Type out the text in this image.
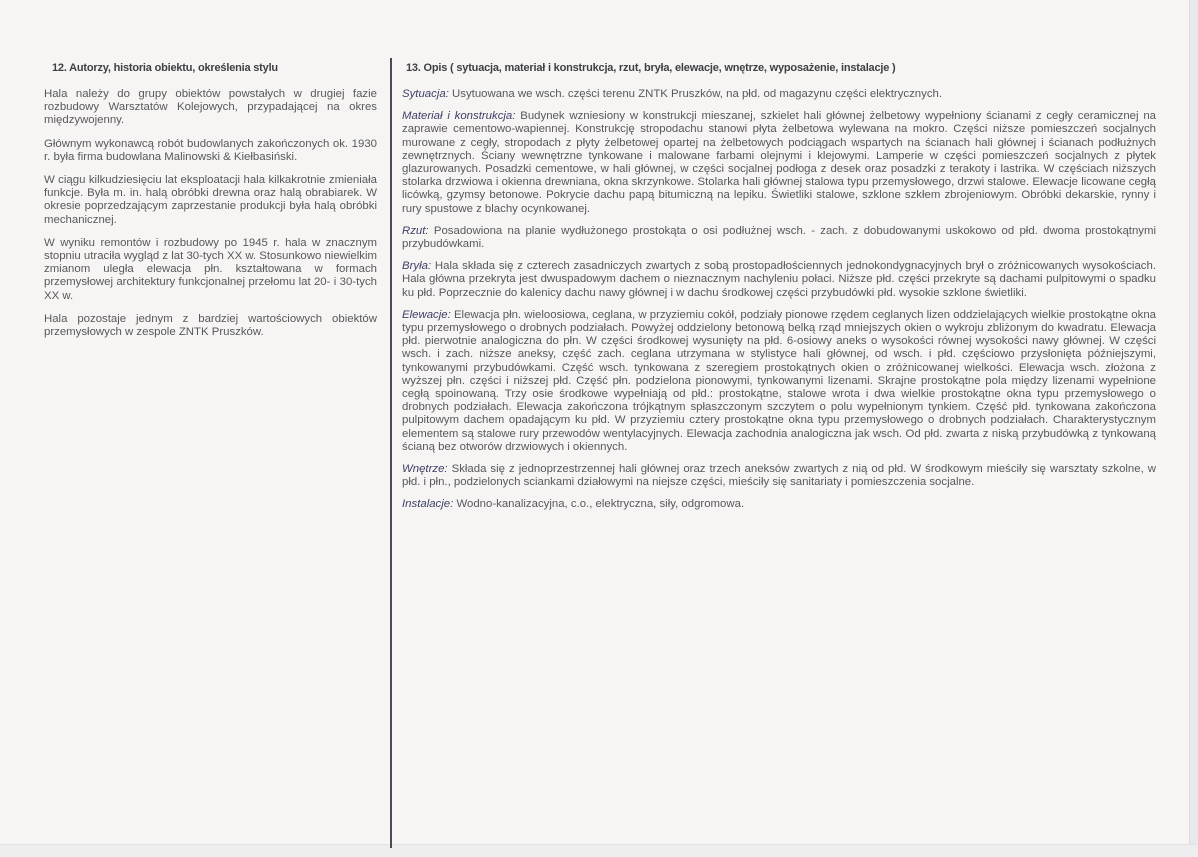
12. Autorzy, historia obiektu, określenia stylu

Hala należy do grupy obiektów powstałych w drugiej fazie rozbudowy Warsztatów Kolejowych, przypadającej na okres międzywojenny.

Głównym wykonawcą robót budowlanych zakończonych ok. 1930 r. była firma budowlana Malinowski & Kiełbasiński.

W ciągu kilkudziesięciu lat eksploatacji hala kilkakrotnie zmieniała funkcje. Była m. in. halą obróbki drewna oraz halą obrabiarek. W okresie poprzedzającym zaprzestanie produkcji była halą obróbki mechanicznej.

W wyniku remontów i rozbudowy po 1945 r. hala w znacznym stopniu utraciła wygląd z lat 30-tych XX w. Stosunkowo niewielkim zmianom uległa elewacja płn. kształtowana w formach przemysłowej architektury funkcjonalnej przełomu lat 20- i 30-tych XX w.

Hala pozostaje jednym z bardziej wartościowych obiektów przemysłowych w zespole ZNTK Pruszków.

13. Opis ( sytuacja, materiał i konstrukcja, rzut, bryła, elewacje, wnętrze, wyposażenie, instalacje )

Sytuacja: Usytuowana we wsch. części terenu ZNTK Pruszków, na płd. od magazynu części elektrycznych.

Materiał i konstrukcja: Budynek wzniesiony w konstrukcji mieszanej, szkielet hali głównej żelbetowy wypełniony ścianami z cegły ceramicznej na zaprawie cementowo-wapiennej. Konstrukcję stropodachu stanowi płyta żelbetowa wylewana na mokro. Części niższe pomieszczeń socjalnych murowane z cegły, stropodach z płyty żelbetowej opartej na żelbetowych podciągach wspartych na ścianach hali głównej i ścianach podłużnych zewnętrznych. Ściany wewnętrzne tynkowane i malowane farbami olejnymi i klejowymi. Lamperie w części pomieszczeń socjalnych z płytek glazurowanych. Posadzki cementowe, w hali głównej, w części socjalnej podłoga z desek oraz posadzki z terakoty i lastrika. W częściach niższych stolarka drzwiowa i okienna drewniana, okna skrzynkowe. Stolarka hali głównej stalowa typu przemysłowego, drzwi stalowe. Elewacje licowane cegłą licówką, gzymsy betonowe. Pokrycie dachu papą bitumiczną na lepiku. Świetliki stalowe, szklone szkłem zbrojeniowym. Obróbki dekarskie, rynny i rury spustowe z blachy ocynkowanej.

Rzut: Posadowiona na planie wydłużonego prostokąta o osi podłużnej wsch. - zach. z dobudowanymi uskokowo od płd. dwoma prostokątnymi przybudówkami.

Bryła: Hala składa się z czterech zasadniczych zwartych z sobą prostopadłościennych jednokondygnacyjnych brył o zróżnicowanych wysokościach. Hala główna przekryta jest dwuspadowym dachem o nieznacznym nachyleniu połaci. Niższe płd. części przekryte są dachami pulpitowymi o spadku ku płd. Poprzecznie do kalenicy dachu nawy głównej i w dachu środkowej części przybudówki płd. wysokie szklone świetliki.

Elewacje: Elewacja płn. wieloosiowa, ceglana, w przyziemiu cokół, podziały pionowe rzędem ceglanych lizen oddzielających wielkie prostokątne okna typu przemysłowego o drobnych podziałach. Powyżej oddzielony betonową belką rząd mniejszych okien o wykroju zbliżonym do kwadratu. Elewacja płd. pierwotnie analogiczna do płn. W części środkowej wysunięty na płd. 6-osiowy aneks o wysokości równej wysokości nawy głównej. W części wsch. i zach. niższe aneksy, część zach. ceglana utrzymana w stylistyce hali głównej, od wsch. i płd. częściowo przysłonięta późniejszymi, tynkowanymi przybudówkami. Część wsch. tynkowana z szeregiem prostokątnych okien o zróżnicowanej wielkości. Elewacja wsch. złożona z wyższej płn. części i niższej płd. Część płn. podzielona pionowymi, tynkowanymi lizenami. Skrajne prostokątne pola między lizenami wypełnione cegłą spoinowaną. Trzy osie środkowe wypełniają od płd.: prostokątne, stalowe wrota i dwa wielkie prostokątne okna typu przemysłowego o drobnych podziałach. Elewacja zakończona trójkątnym spłaszczonym szczytem o polu wypełnionym tynkiem. Część płd. tynkowana zakończona pulpitowym dachem opadającym ku płd. W przyziemiu cztery prostokątne okna typu przemysłowego o drobnych podziałach. Charakterystycznym elementem są stalowe rury przewodów wentylacyjnych. Elewacja zachodnia analogiczna jak wsch. Od płd. zwarta z niską przybudówką z tynkowaną ścianą bez otworów drzwiowych i okiennych.

Wnętrze: Składa się z jednoprzestrzennej hali głównej oraz trzech aneksów zwartych z nią od płd. W środkowym mieściły się warsztaty szkolne, w płd. i płn., podzielonych sciankami działowymi na niejsze części, mieściły się sanitariaty i pomieszczenia socjalne.

Instalacje: Wodno-kanalizacyjna, c.o., elektryczna, siły, odgromowa.
